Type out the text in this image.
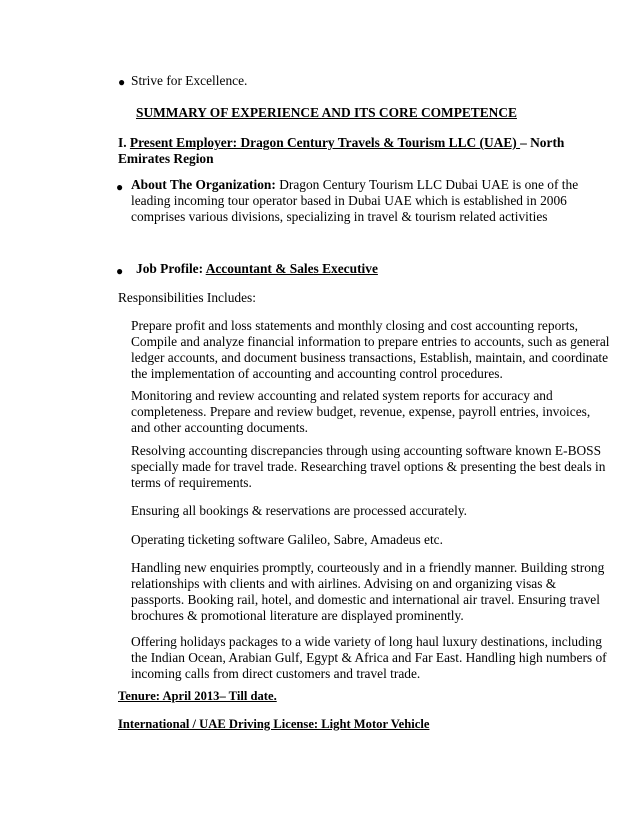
● Strive for Excellence.
SUMMARY OF EXPERIENCE AND ITS CORE COMPETENCE
I. Present Employer: Dragon Century Travels & Tourism LLC (UAE) – North Emirates Region
● About The Organization: Dragon Century Tourism LLC Dubai UAE is one of the leading incoming tour operator based in Dubai UAE which is established in 2006 comprises various divisions, specializing in travel & tourism related activities
● Job Profile: Accountant & Sales Executive
Responsibilities Includes:

Prepare profit and loss statements and monthly closing and cost accounting reports, Compile and analyze financial information to prepare entries to accounts, such as general ledger accounts, and document business transactions, Establish, maintain, and coordinate the implementation of accounting and accounting control procedures.

Monitoring and review accounting and related system reports for accuracy and completeness. Prepare and review budget, revenue, expense, payroll entries, invoices, and other accounting documents.

Resolving accounting discrepancies through using accounting software known E-BOSS specially made for travel trade. Researching travel options & presenting the best deals in terms of requirements.

Ensuring all bookings & reservations are processed accurately.

Operating ticketing software Galileo, Sabre, Amadeus etc.

Handling new enquiries promptly, courteously and in a friendly manner. Building strong relationships with clients and with airlines. Advising on and organizing visas & passports. Booking rail, hotel, and domestic and international air travel. Ensuring travel brochures & promotional literature are displayed prominently.

Offering holidays packages to a wide variety of long haul luxury destinations, including the Indian Ocean, Arabian Gulf, Egypt & Africa and Far East. Handling high numbers of incoming calls from direct customers and travel trade.

Tenure: April 2013– Till date.
International / UAE Driving License: Light Motor Vehicle
